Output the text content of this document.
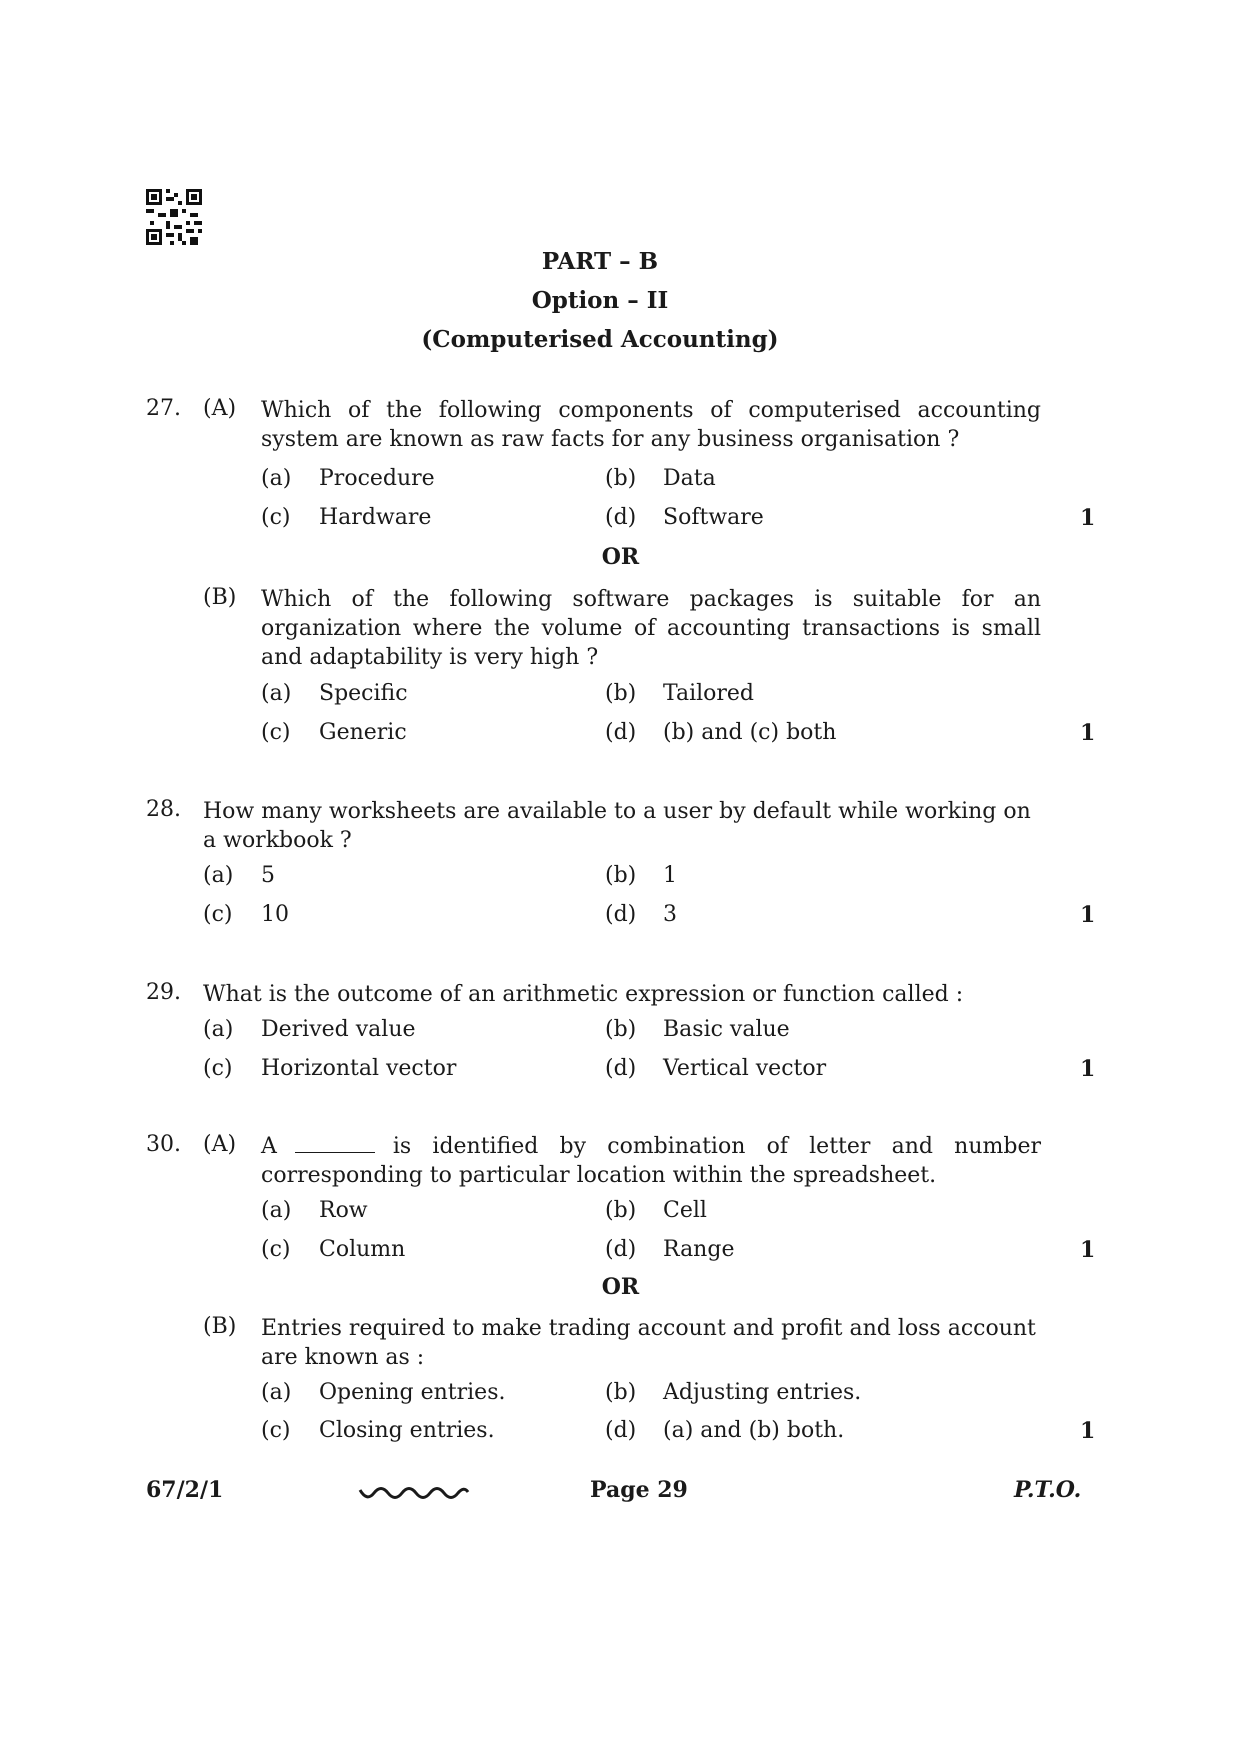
PART – B
Option – II
(Computerised Accounting)
27. (A) Which of the following components of computerised accounting system are known as raw facts for any business organisation ?
(a) Procedure	(b) Data
(c) Hardware	(d) Software	1
OR
(B) Which of the following software packages is suitable for an organization where the volume of accounting transactions is small and adaptability is very high ?
(a) Specific	(b) Tailored
(c) Generic	(d) (b) and (c) both	1
28. How many worksheets are available to a user by default while working on a workbook ?
(a) 5	(b) 1
(c) 10	(d) 3	1
29. What is the outcome of an arithmetic expression or function called :
(a) Derived value	(b) Basic value
(c) Horizontal vector	(d) Vertical vector	1
30. (A) A	is identified by combination of letter and number corresponding to particular location within the spreadsheet.
(a) Row	(b) Cell
(c) Column	(d) Range	1
OR
(B) Entries required to make trading account and profit and loss account are known as :
(a) Opening entries.	(b) Adjusting entries.
(c) Closing entries.	(d) (a) and (b) both.	1
67/2/1	Page 29	P.T.O.
